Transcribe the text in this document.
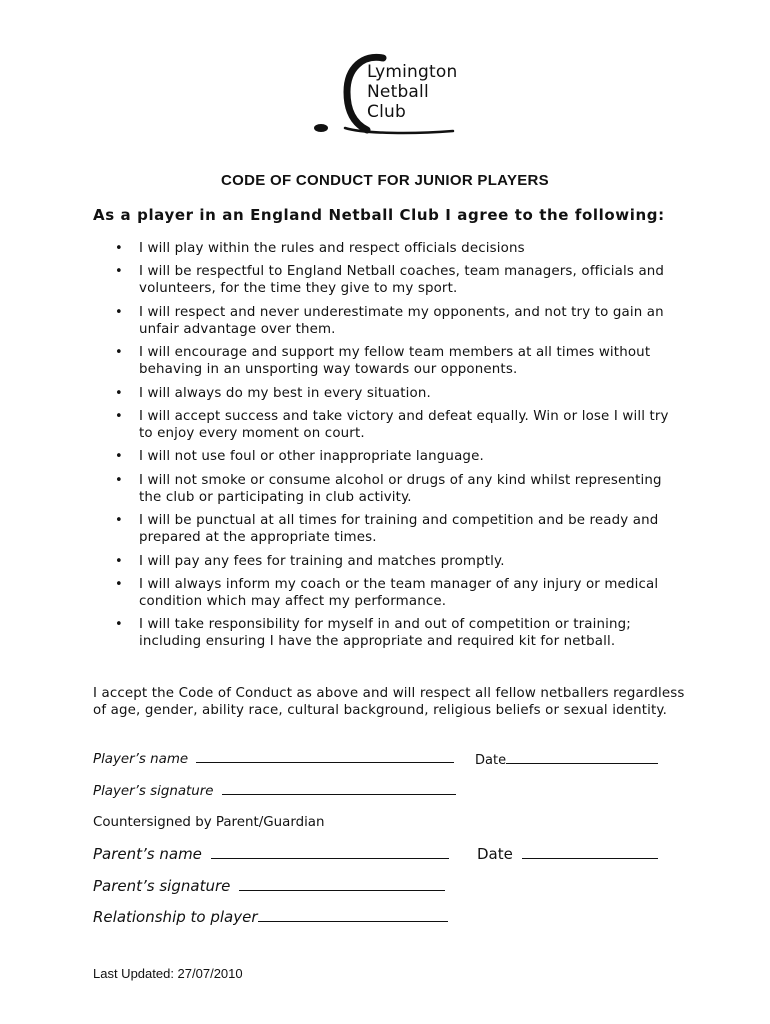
Lymington
Netball
Club
CODE OF CONDUCT FOR JUNIOR PLAYERS
As a player in an England Netball Club I agree to the following:
• I will play within the rules and respect officials decisions
• I will be respectful to England Netball coaches, team managers, officials and volunteers, for the time they give to my sport.
• I will respect and never underestimate my opponents, and not try to gain an unfair advantage over them.
• I will encourage and support my fellow team members at all times without behaving in an unsporting way towards our opponents.
• I will always do my best in every situation.
• I will accept success and take victory and defeat equally. Win or lose I will try to enjoy every moment on court.
• I will not use foul or other inappropriate language.
• I will not smoke or consume alcohol or drugs of any kind whilst representing the club or participating in club activity.
• I will be punctual at all times for training and competition and be ready and prepared at the appropriate times.
• I will pay any fees for training and matches promptly.
• I will always inform my coach or the team manager of any injury or medical condition which may affect my performance.
• I will take responsibility for myself in and out of competition or training; including ensuring I have the appropriate and required kit for netball.
I accept the Code of Conduct as above and will respect all fellow netballers regardless of age, gender, ability race, cultural background, religious beliefs or sexual identity.
Player’s name	Date
Player’s signature
Countersigned by Parent/Guardian
Parent’s name	Date
Parent’s signature
Relationship to player
Last Updated: 27/07/2010
